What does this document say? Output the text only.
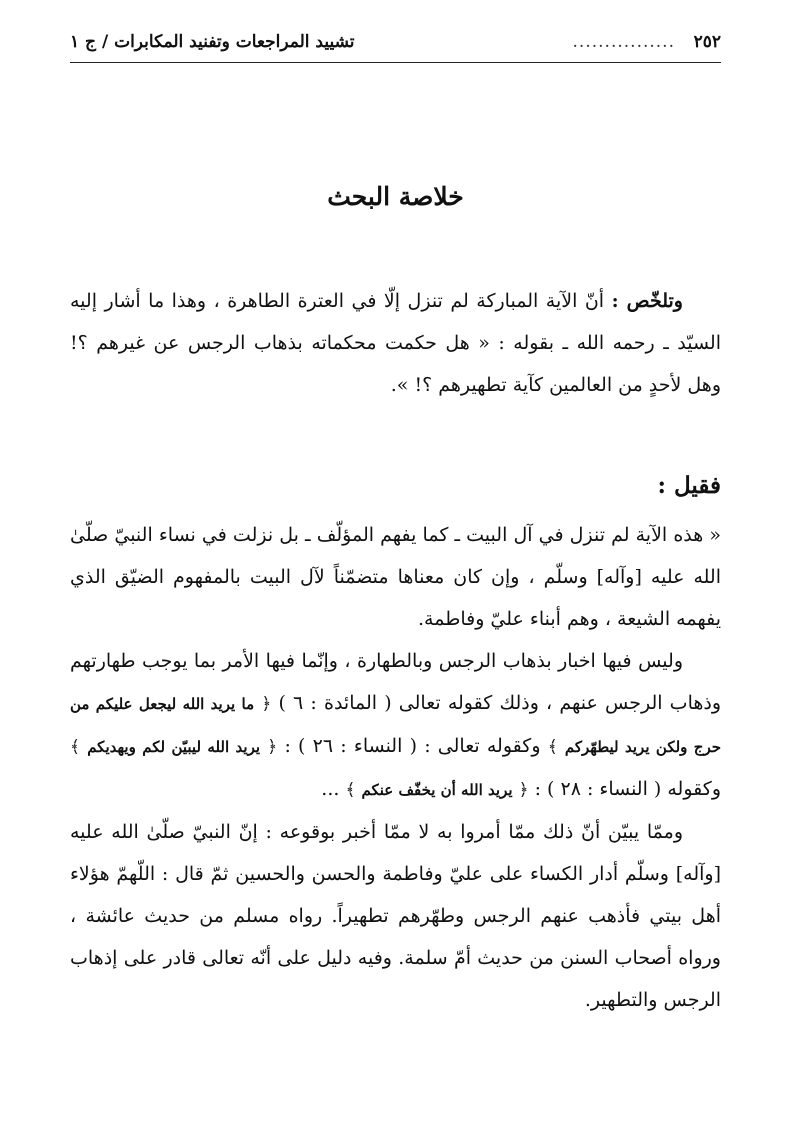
٢٥٢
................
تشييد المراجعات وتفنيد المكابرات / ج ١
خلاصة البحث

وتلخّص : أنّ الآية المباركة لم تنزل إلّا في العترة الطاهرة ، وهذا ما أشار إليه السيّد ـ رحمه الله ـ بقوله : « هل حكمت محكماته بذهاب الرجس عن غيرهم ؟! وهل لأحدٍ من العالمين كآية تطهيرهم ؟! ».

فقيل :

« هذه الآية لم تنزل في آل البيت ـ كما يفهم المؤلّف ـ بل نزلت في نساء النبيّ صلّىٰ الله عليه [وآله] وسلّم ، وإن كان معناها متضمّناً لآل البيت بالمفهوم الضيّق الذي يفهمه الشيعة ، وهم أبناء عليّ وفاطمة.

وليس فيها اخبار بذهاب الرجس وبالطهارة ، وإنّما فيها الأمر بما يوجب طهارتهم وذهاب الرجس عنهم ، وذلك كقوله تعالى ( المائدة : ٦ ) ﴿ ما يريد الله ليجعل عليكم من حرج ولكن يريد ليطهّركم ﴾ وكقوله تعالى : ( النساء : ٢٦ ) : ﴿ يريد الله ليبيّن لكم ويهديكم ﴾ وكقوله ( النساء : ٢٨ ) : ﴿ يريد الله أن يخفّف عنكم ﴾ ...

وممّا يبيّن أنّ ذلك ممّا أمروا به لا ممّا أخبر بوقوعه : إنّ النبيّ صلّىٰ الله عليه [وآله] وسلّم أدار الكساء على عليّ وفاطمة والحسن والحسين ثمّ قال : اللّهمّ هؤلاء أهل بيتي فأذهب عنهم الرجس وطهّرهم تطهيراً. رواه مسلم من حديث عائشة ، ورواه أصحاب السنن من حديث أمّ سلمة. وفيه دليل على أنّه تعالى قادر على إذهاب الرجس والتطهير.
